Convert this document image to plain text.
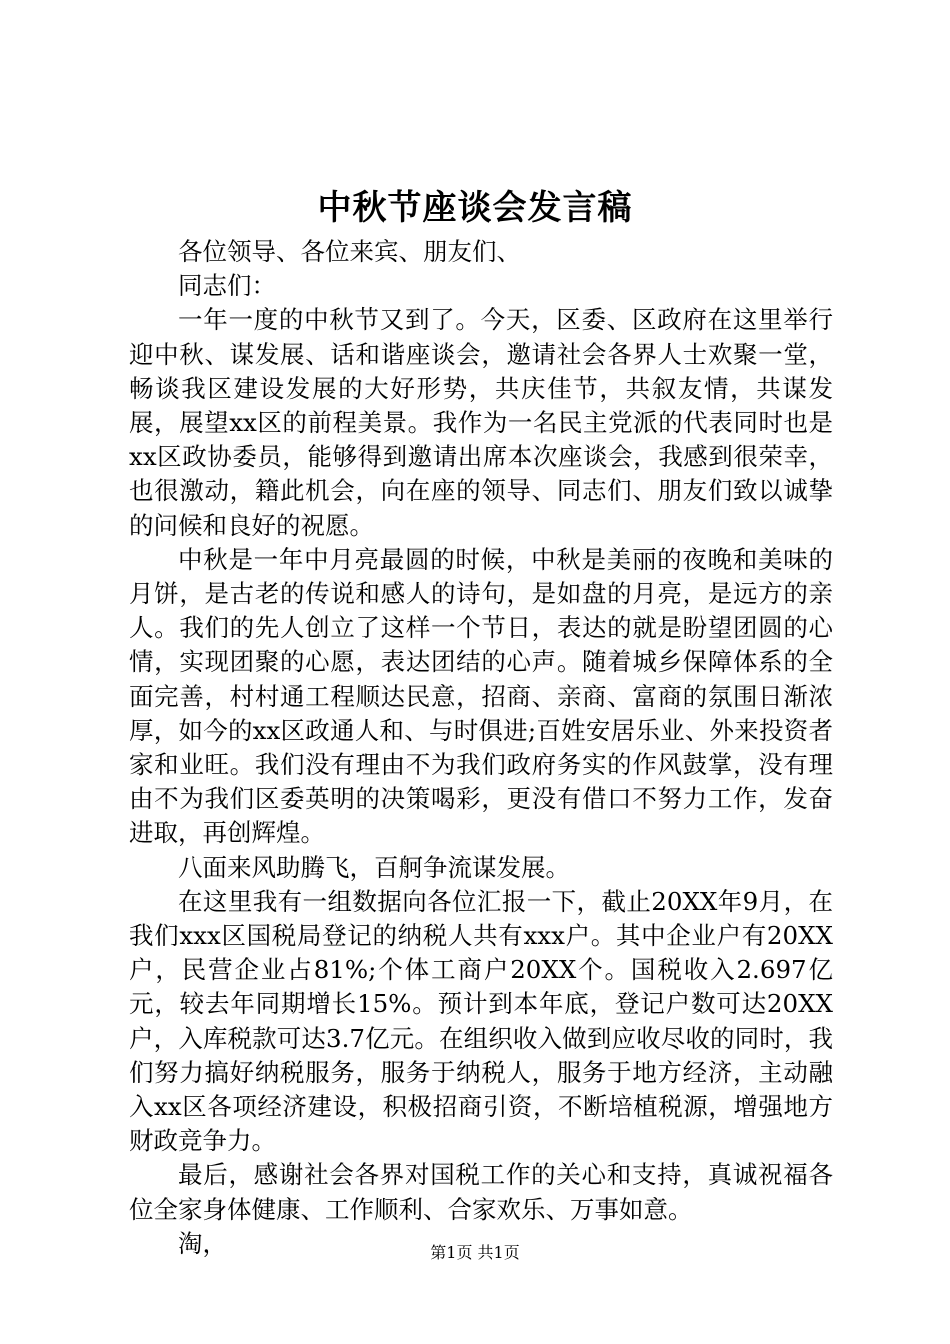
中秋节座谈会发言稿

各位领导、各位来宾、朋友们、

同志们：

一年一度的中秋节又到了。今天，区委、区政府在这里举行迎中秋、谋发展、话和谐座谈会，邀请社会各界人士欢聚一堂，畅谈我区建设发展的大好形势，共庆佳节，共叙友情，共谋发展，展望xx区的前程美景。我作为一名民主党派的代表同时也是xx区政协委员，能够得到邀请出席本次座谈会，我感到很荣幸，也很激动，籍此机会，向在座的领导、同志们、朋友们致以诚挚的问候和良好的祝愿。

中秋是一年中月亮最圆的时候，中秋是美丽的夜晚和美味的月饼，是古老的传说和感人的诗句，是如盘的月亮，是远方的亲人。我们的先人创立了这样一个节日，表达的就是盼望团圆的心情，实现团聚的心愿，表达团结的心声。随着城乡保障体系的全面完善，村村通工程顺达民意，招商、亲商、富商的氛围日渐浓厚，如今的xx区政通人和、与时俱进;百姓安居乐业、外来投资者家和业旺。我们没有理由不为我们政府务实的作风鼓掌，没有理由不为我们区委英明的决策喝彩，更没有借口不努力工作，发奋进取，再创辉煌。

八面来风助腾飞，百舸争流谋发展。

在这里我有一组数据向各位汇报一下，截止20XX年9月，在我们xxx区国税局登记的纳税人共有xxx户。其中企业户有20XX户，民营企业占81%;个体工商户20XX个。国税收入2.697亿元，较去年同期增长15%。预计到本年底，登记户数可达20XX户，入库税款可达3.7亿元。在组织收入做到应收尽收的同时，我们努力搞好纳税服务，服务于纳税人，服务于地方经济，主动融入xx区各项经济建设，积极招商引资，不断培植税源，增强地方财政竞争力。

最后，感谢社会各界对国税工作的关心和支持，真诚祝福各位全家身体健康、工作顺利、合家欢乐、万事如意。

淘，	第1页 共1页
